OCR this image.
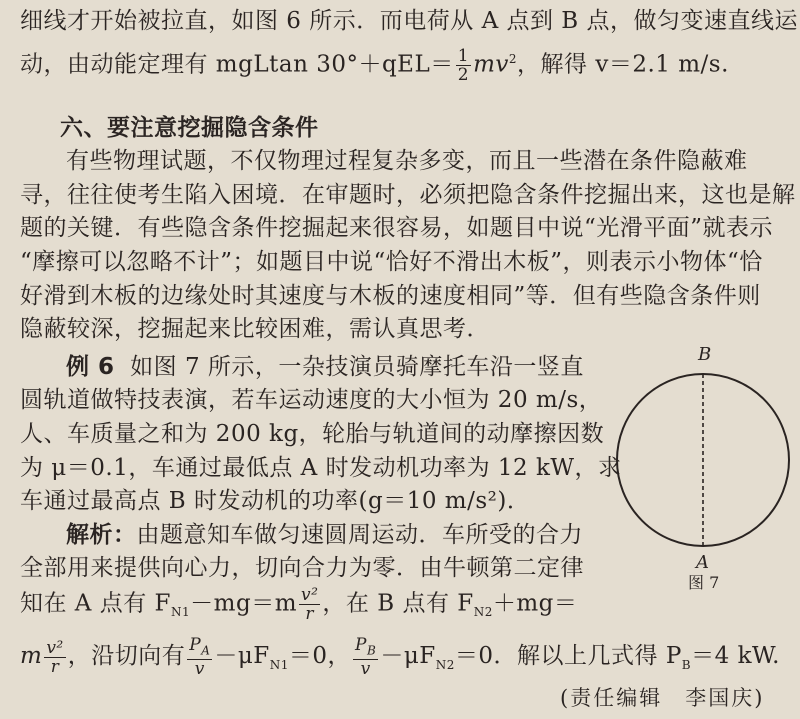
细线才开始被拉直，如图 6 所示．而电荷从 A 点到 B 点，做匀变速直线运
动，由动能定理有 mgLtan $30^\circ+qEL= \frac{1}{2} mv^2$，解得 v＝2.1 m/s.
六、要注意挖掘隐含条件
有些物理试题，不仅物理过程复杂多变，而且一些潜在条件隐蔽难
寻，往往使考生陷入困境．在审题时，必须把隐含条件挖掘出来，这也是解
题的关键．有些隐含条件挖掘起来很容易，如题目中说“光滑平面”就表示
“摩擦可以忽略不计”；如题目中说“恰好不滑出木板”，则表示小物体“恰
好滑到木板的边缘处时其速度与木板的速度相同”等．但有些隐含条件则
隐蔽较深，挖掘起来比较困难，需认真思考．
例 6 如图 7 所示，一杂技演员骑摩托车沿一竖直
圆轨道做特技表演，若车运动速度的大小恒为 20 m/s，
人、车质量之和为 200 kg，轮胎与轨道间的动摩擦因数
为 μ＝0.1，车通过最低点 A 时发动机功率为 12 kW，求
车通过最高点 B 时发动机的功率(g＝10 m/s²)．
解析：由题意知车做匀速圆周运动．车所受的合力
全部用来提供向心力，切向合力为零．由牛顿第二定律
知在 A 点有 $F_{N1}-mg=m \frac{\text{v²}}{r}$ ，在 B 点有 $F_{N2}+mg=$
m $\frac{\text{v²}}{r}$ ，沿切向有 $\frac{P_A}{v} -\mu F_{N1}=0$， $\frac{P_B}{v} -\mu F_{N2}=0$．解以上几式得 $P_B=4$ kW.
B
A
图 7
(责任编辑　李国庆)
